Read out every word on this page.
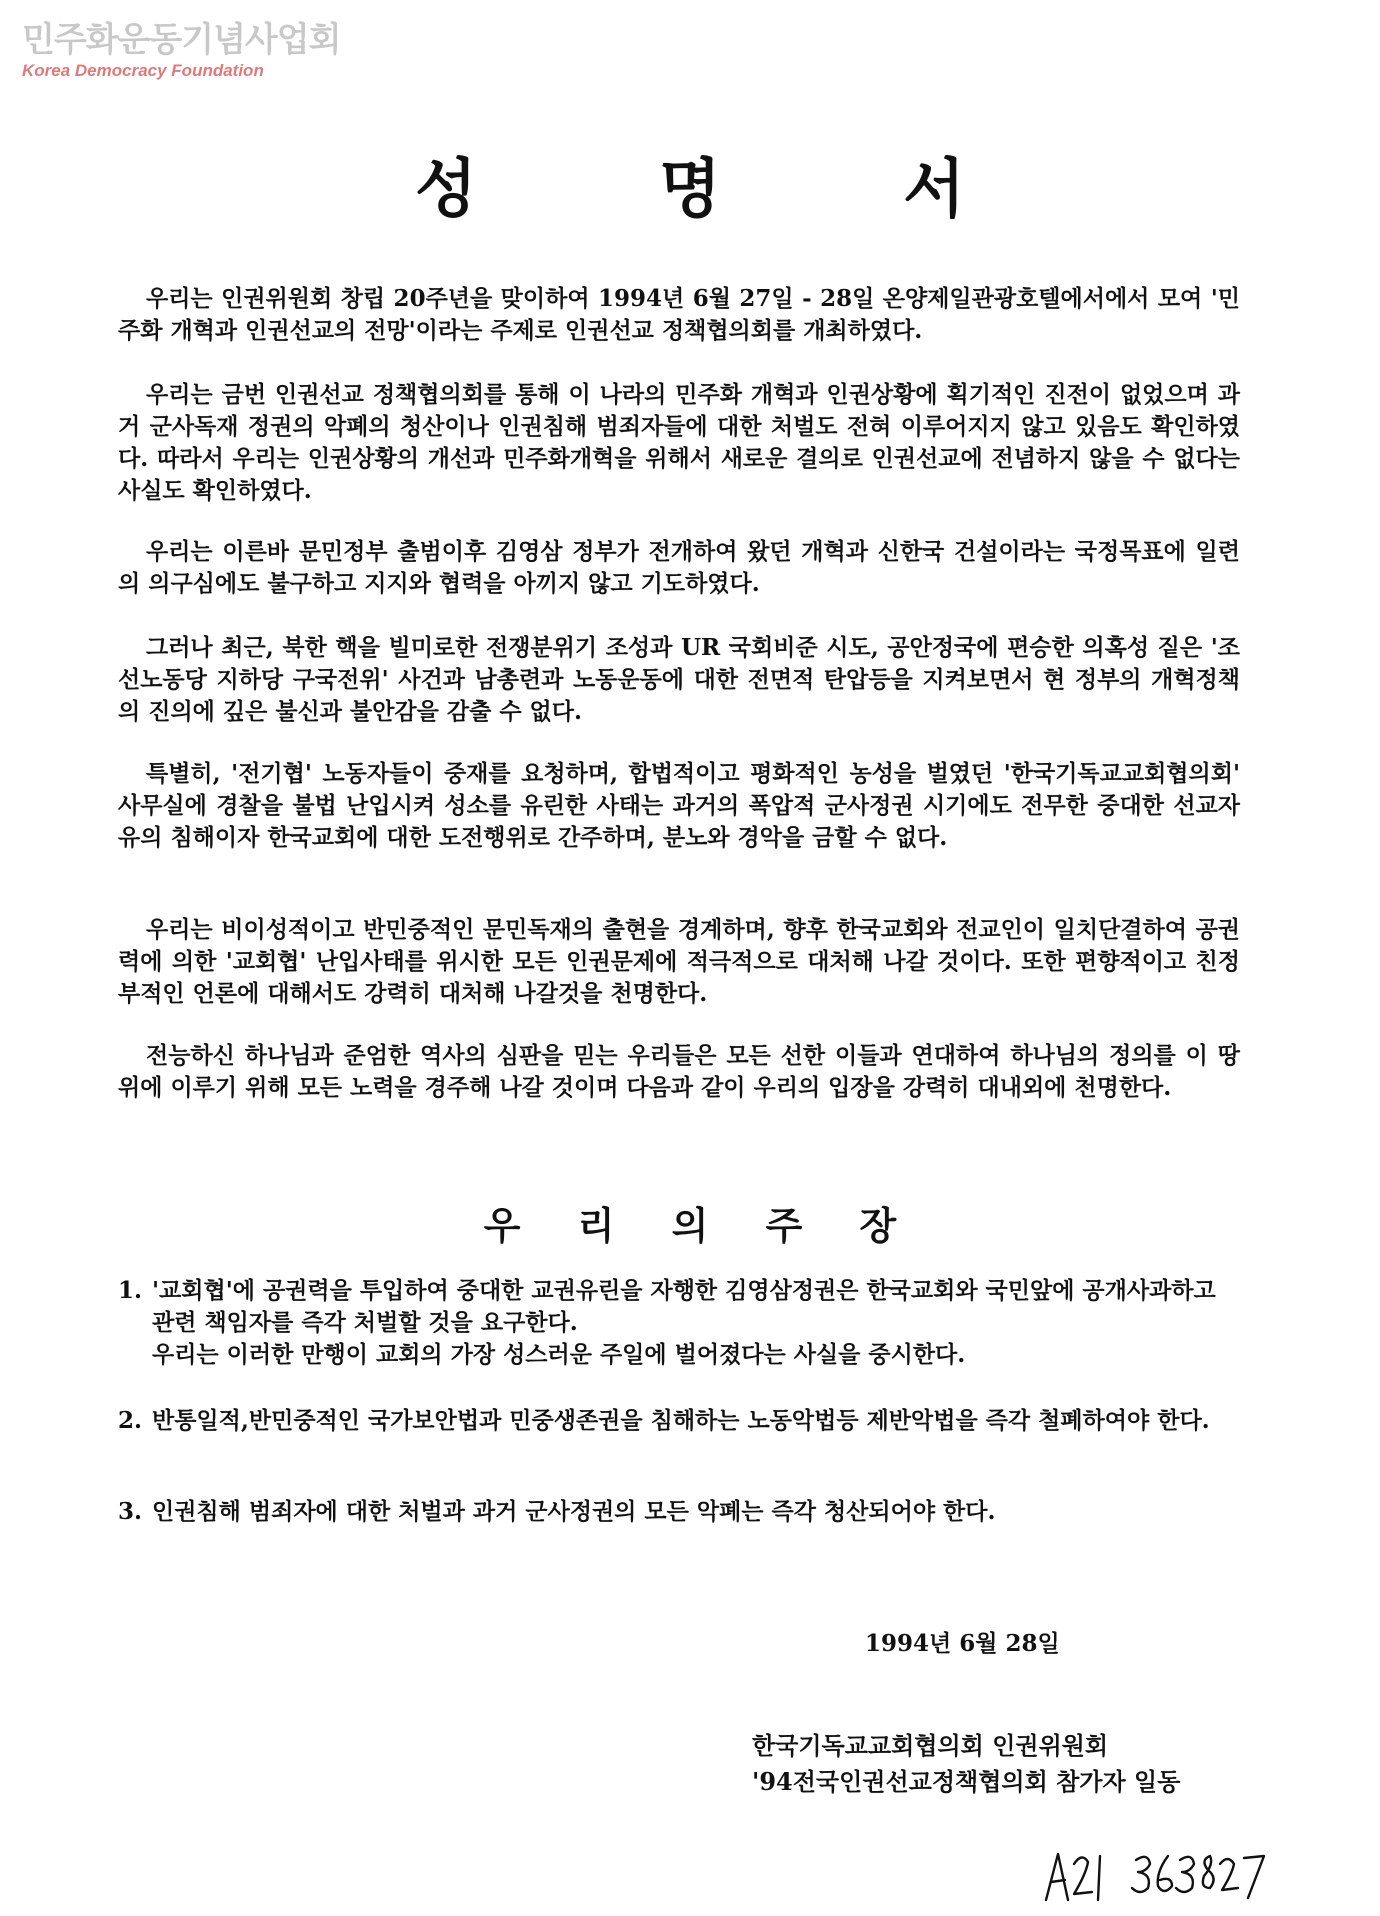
민주화운동기념사업회
Korea Democracy Foundation
성 명 서

우리는 인권위원회 창립 20주년을 맞이하여 1994년 6월 27일 - 28일 온양제일관광호텔에서에서 모여 '민주화 개혁과 인권선교의 전망'이라는 주제로 인권선교 정책협의회를 개최하였다.

우리는 금번 인권선교 정책협의회를 통해 이 나라의 민주화 개혁과 인권상황에 획기적인 진전이 없었으며 과거 군사독재 정권의 악폐의 청산이나 인권침해 범죄자들에 대한 처벌도 전혀 이루어지지 않고 있음도 확인하였다. 따라서 우리는 인권상황의 개선과 민주화개혁을 위해서 새로운 결의로 인권선교에 전념하지 않을 수 없다는 사실도 확인하였다.

우리는 이른바 문민정부 출범이후 김영삼 정부가 전개하여 왔던 개혁과 신한국 건설이라는 국정목표에 일련의 의구심에도 불구하고 지지와 협력을 아끼지 않고 기도하였다.

그러나 최근, 북한 핵을 빌미로한 전쟁분위기 조성과 UR 국회비준 시도, 공안정국에 편승한 의혹성 짙은 '조선노동당 지하당 구국전위' 사건과 남총련과 노동운동에 대한 전면적 탄압등을 지켜보면서 현 정부의 개혁정책의 진의에 깊은 불신과 불안감을 감출 수 없다.

특별히, '전기협' 노동자들이 중재를 요청하며, 합법적이고 평화적인 농성을 벌였던 '한국기독교교회협의회' 사무실에 경찰을 불법 난입시켜 성소를 유린한 사태는 과거의 폭압적 군사정권 시기에도 전무한 중대한 선교자유의 침해이자 한국교회에 대한 도전행위로 간주하며, 분노와 경악을 금할 수 없다.

우리는 비이성적이고 반민중적인 문민독재의 출현을 경계하며, 향후 한국교회와 전교인이 일치단결하여 공권력에 의한 '교회협' 난입사태를 위시한 모든 인권문제에 적극적으로 대처해 나갈 것이다. 또한 편향적이고 친정부적인 언론에 대해서도 강력히 대처해 나갈것을 천명한다.

전능하신 하나님과 준엄한 역사의 심판을 믿는 우리들은 모든 선한 이들과 연대하여 하나님의 정의를 이 땅 위에 이루기 위해 모든 노력을 경주해 나갈 것이며 다음과 같이 우리의 입장을 강력히 대내외에 천명한다.

우 리 의 주 장

1. '교회협'에 공권력을 투입하여 중대한 교권유린을 자행한 김영삼정권은 한국교회와 국민앞에 공개사과하고 관련 책임자를 즉각 처벌할 것을 요구한다.
우리는 이러한 만행이 교회의 가장 성스러운 주일에 벌어졌다는 사실을 중시한다.

2. 반통일적,반민중적인 국가보안법과 민중생존권을 침해하는 노동악법등 제반악법을 즉각 철폐하여야 한다.

3. 인권침해 범죄자에 대한 처벌과 과거 군사정권의 모든 악폐는 즉각 청산되어야 한다.

1994년 6월 28일
한국기독교교회협의회 인권위원회
'94전국인권선교정책협의회 참가자 일동
